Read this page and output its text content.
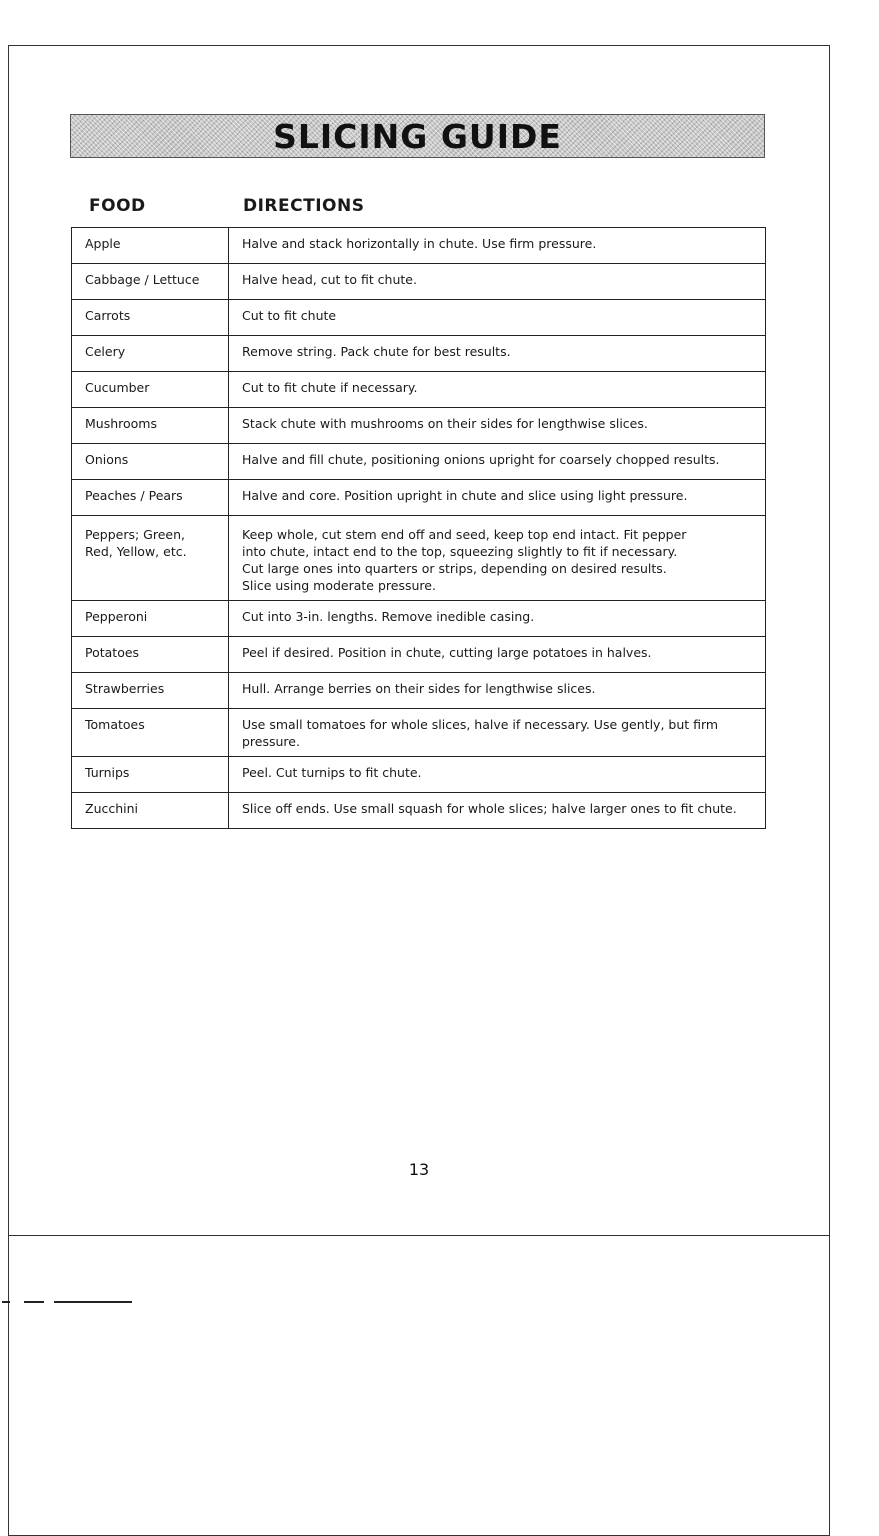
SLICING GUIDE
FOOD	DIRECTIONS
Apple	Halve and stack horizontally in chute. Use firm pressure.

Cabbage / Lettuce	Halve head, cut to fit chute.

Carrots	Cut to fit chute

Celery	Remove string. Pack chute for best results.

Cucumber	Cut to fit chute if necessary.

Mushrooms	Stack chute with mushrooms on their sides for lengthwise slices.

Onions	Halve and fill chute, positioning onions upright for coarsely chopped results.

Peaches / Pears	Halve and core. Position upright in chute and slice using light pressure.

Peppers; Green,
Red, Yellow, etc.	Keep whole, cut stem end off and seed, keep top end intact. Fit pepper
into chute, intact end to the top, squeezing slightly to fit if necessary.
Cut large ones into quarters or strips, depending on desired results.
Slice using moderate pressure.

Pepperoni	Cut into 3-in. lengths. Remove inedible casing.

Potatoes	Peel if desired. Position in chute, cutting large potatoes in halves.

Strawberries	Hull. Arrange berries on their sides for lengthwise slices.

Tomatoes	Use small tomatoes for whole slices, halve if necessary. Use gently, but firm pressure.

Turnips	Peel. Cut turnips to fit chute.

Zucchini	Slice off ends. Use small squash for whole slices; halve larger ones to fit chute.
13
